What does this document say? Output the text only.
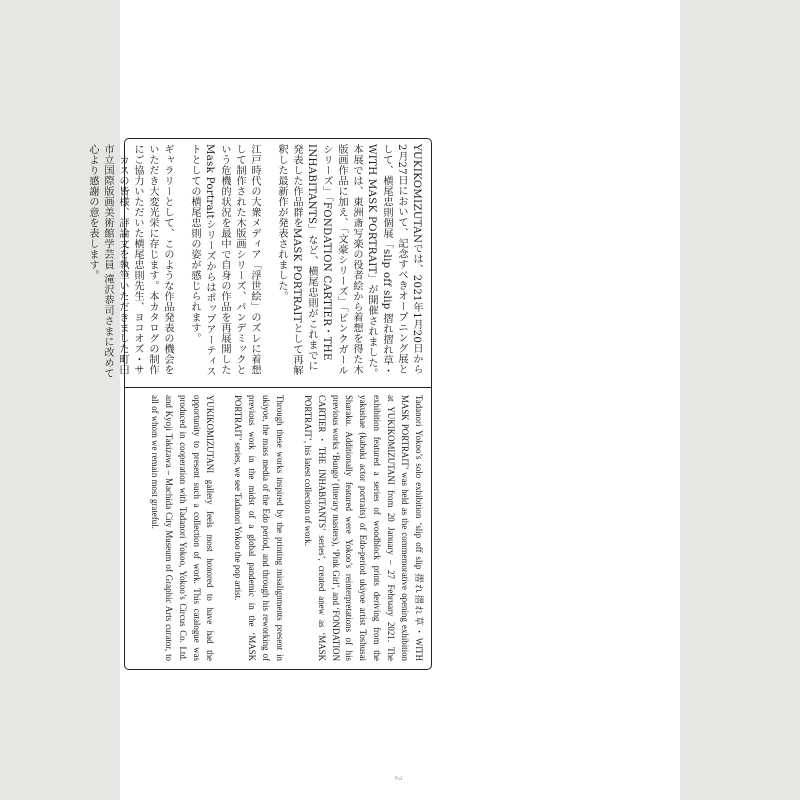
YUKIKOMIZUTANでは、2021年1月20日から2月27日において、記念すべきオープニング展として、横尾忠則個展「slip off slip 摺れ摺れ草・WITH MASK PORTRAIT」が開催されました。本展では、東洲斎写楽の役者絵から着想を得た木版画作品に加え、「文豪シリーズ」「ピンクガールシリーズ」「FONDATION CARTIER・THE INHABITANTS」など、横尾忠則がこれまでに発表した作品群をMASK PORTRAITとして再解釈した最新作が発表されました。

江戸時代の大衆メディア「浮世絵」のズレに着想して制作された木版画シリーズ、パンデミックという危機的状況を最中で自身の作品を再展開したMask Portraitシリーズからはポップアーティストとしての横尾忠則の姿が感じられます。

ギャラリーとして、このような作品発表の機会をいただき大変光栄に存じます。本カタログの制作にご協力いただいた横尾忠則先生、ヨコオズ・サーカスの皆様、評論文を執筆いただきました町田市立国際版画美術館学芸員 滝沢恭司さまに改めて心より感謝の意を表します。

Tadanori Yokoo’s solo exhibition ‘slip off slip 摺れ摺れ草・WITH MASK PORTRAIT’ was held as the commemorative opening exhibition at YUKIKOMIZUTANI from 20 January – 27 February 2021. The exhibition featured a series of woodblock prints deriving from the yakushae (kabuki actor portraits) of Edo-period ukiyoe artist Toshusai Sharaku. Additionally featured were Yokoo’s reinterpretations of his previous works ‘Bungo’ (literary masters), ‘Pink Girl’, and ‘FONDATION CARTIER・THE INHABITANTS’ series’, created anew as ‘MASK PORTRAIT’, his latest collection of work.

Through these works inspired by the printing misalignments present in ukiyoe, the mass media of the Edo period, and through his reworking of previous work in the midst of a global pandemic in the ‘MASK PORTRAIT’ series, we see Tadanori Yokoo the pop artist.

YUKIKOMIZUTANI gallery feels most honored to have had the opportunity to present such a collection of work. This catalogue was produced in cooperation with Tadanori Yokoo, Yokoo’s Circus Co. Ltd. and Kyoji Takizawa – Machida City Museum of Graphic Arts curator, to all of whom we remain most grateful.

2
